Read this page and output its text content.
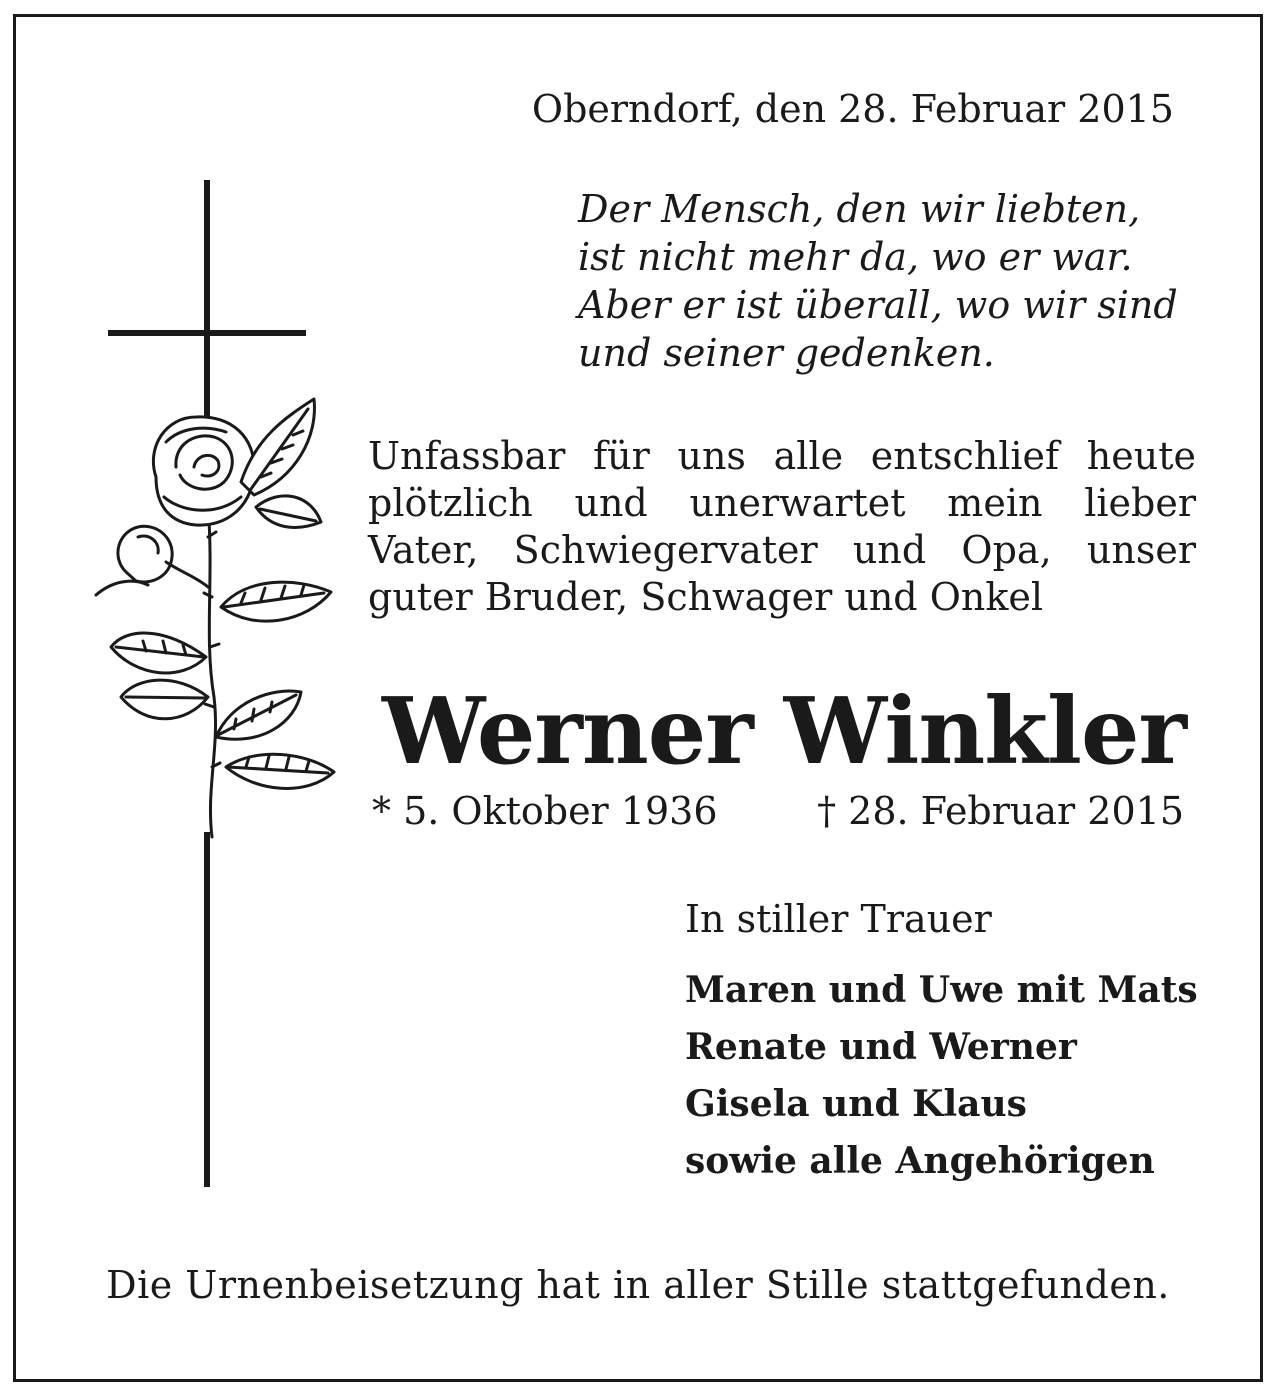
Oberndorf, den 28. Februar 2015

Der Mensch, den wir liebten,
ist nicht mehr da, wo er war.
Aber er ist überall, wo wir sind
und seiner gedenken.

Unfassbar für uns alle entschlief heute plötzlich und unerwartet mein lieber Vater, Schwiegervater und Opa, unser guter Bruder, Schwager und Onkel

Werner Winkler

* 5. Oktober 1936	† 28. Februar 2015

In stiller Trauer

Maren und Uwe mit Mats
Renate und Werner
Gisela und Klaus
sowie alle Angehörigen

Die Urnenbeisetzung hat in aller Stille stattgefunden.
